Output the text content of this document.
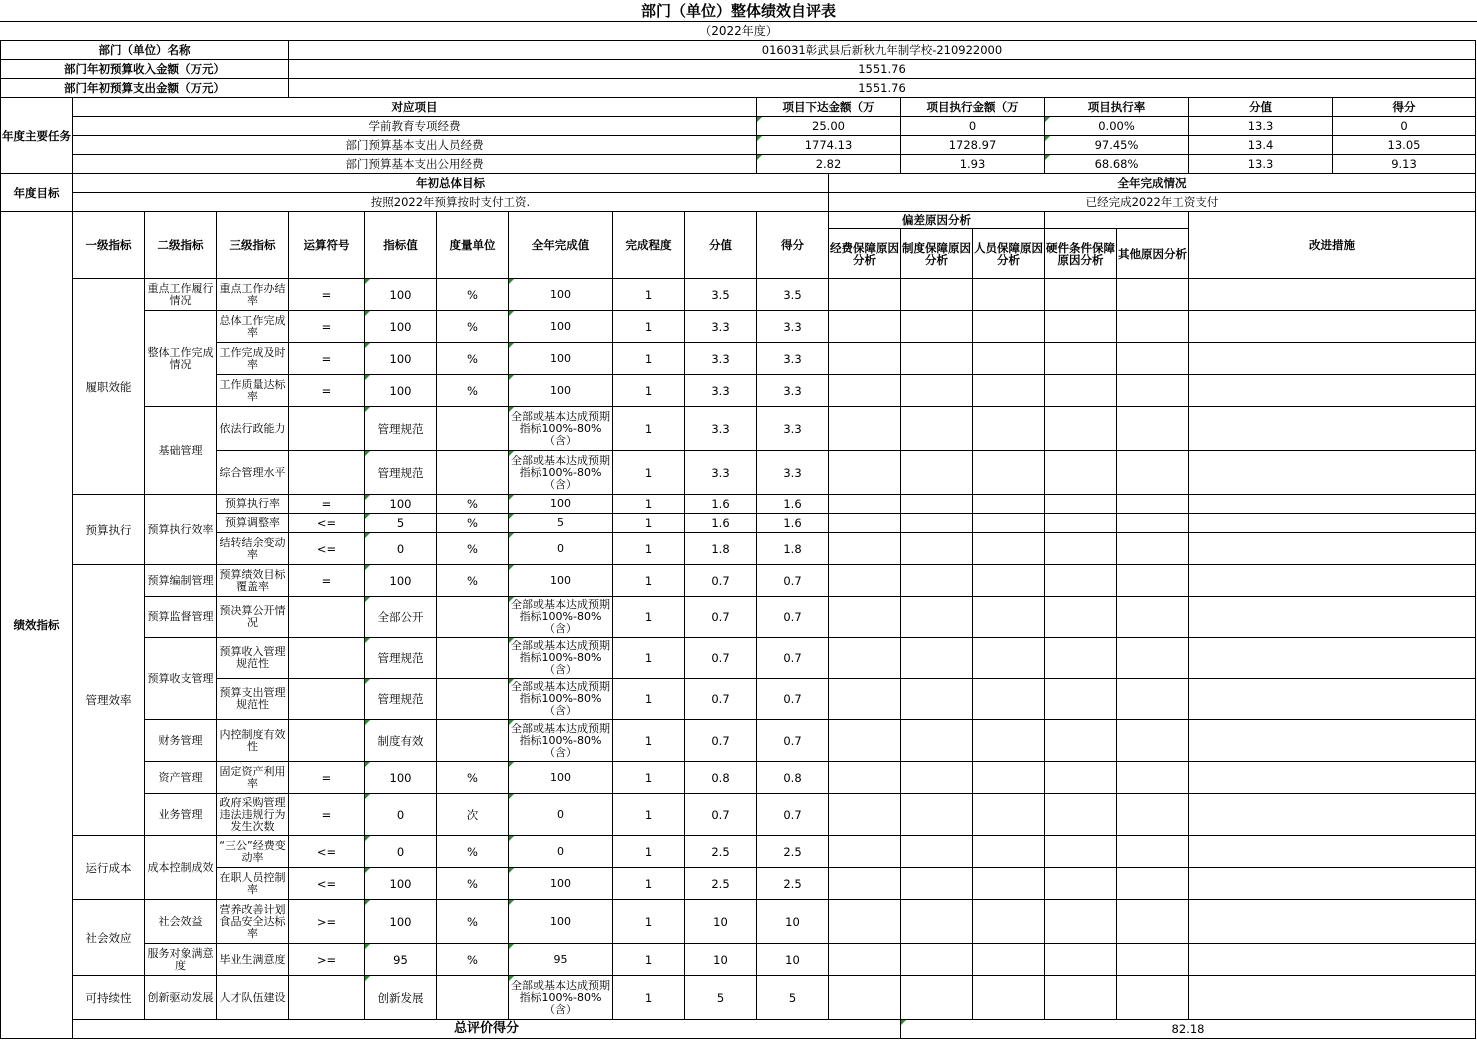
部门（单位）整体绩效自评表
（2022年度）
部门（单位）名称				016031彰武县后新秋九年制学校-210922000													
部门年初预算收入金额（万元）				1551.76													
部门年初预算支出金额（万元）				1551.76													
年度主要任务	对应项目									项目下达金额（万		项目执行金额（万		项目执行率		分值	得分
	学前教育专项经费									25.00		0		0.00%		13.3	0
	部门预算基本支出人员经费									1774.13		1728.97		97.45%		13.4	13.05
	部门预算基本支出公用经费									2.82		1.93		68.68%		13.3	9.13
年度目标	年初总体目标										全年完成情况						
	按照2022年预算按时支付工资.										已经完成2022年工资支付						
绩效指标	一级指标	二级指标	三级指标	运算符号	指标值	度量单位	全年完成值	完成程度	分值	得分	偏差原因分析					改进措施	
											经费保障原因分析	制度保障原因分析	人员保障原因分析	硬件条件保障原因分析	其他原因分析		
	履职效能	重点工作履行情况	重点工作办结率	=	100	%	100	1	3.5	3.5							
		整体工作完成情况	总体工作完成率	=	100	%	100	1	3.3	3.3							

			工作完成及时率	=	100	%	100	1	3.3	3.3							

			工作质量达标率	=	100	%	100	1	3.3	3.3							
		基础管理	依法行政能力		管理规范		全部或基本达成预期指标100%-80%（含）	1	3.3	3.3							

			综合管理水平		管理规范		全部或基本达成预期指标100%-80%（含）	1	3.3	3.3							
	预算执行	预算执行效率	预算执行率	=	100	%	100	1	1.6	1.6							

			预算调整率	<=	5	%	5	1	1.6	1.6							

			结转结余变动率	<=	0	%	0	1	1.8	1.8							
	管理效率	预算编制管理	预算绩效目标覆盖率	=	100	%	100	1	0.7	0.7							
		预算监督管理	预决算公开情况		全部公开		全部或基本达成预期指标100%-80%（含）	1	0.7	0.7							
		预算收支管理	预算收入管理规范性		管理规范		全部或基本达成预期指标100%-80%（含）	1	0.7	0.7							

			预算支出管理规范性		管理规范		全部或基本达成预期指标100%-80%（含）	1	0.7	0.7							
		财务管理	内控制度有效性		制度有效		全部或基本达成预期指标100%-80%（含）	1	0.7	0.7							
		资产管理	固定资产利用率	=	100	%	100	1	0.8	0.8							
		业务管理	政府采购管理违法违规行为发生次数	=	0	次	0	1	0.7	0.7							
	运行成本	成本控制成效	“三公”经费变动率	<=	0	%	0	1	2.5	2.5							

			在职人员控制率	<=	100	%	100	1	2.5	2.5							
	社会效应	社会效益	营养改善计划食品安全达标率	>=	100	%	100	1	10	10							
		服务对象满意度	毕业生满意度	>=	95	%	95	1	10	10							
	可持续性	创新驱动发展	人才队伍建设		创新发展		全部或基本达成预期指标100%-80%（含）	1	5	5							
	总评价得分											82.18					
